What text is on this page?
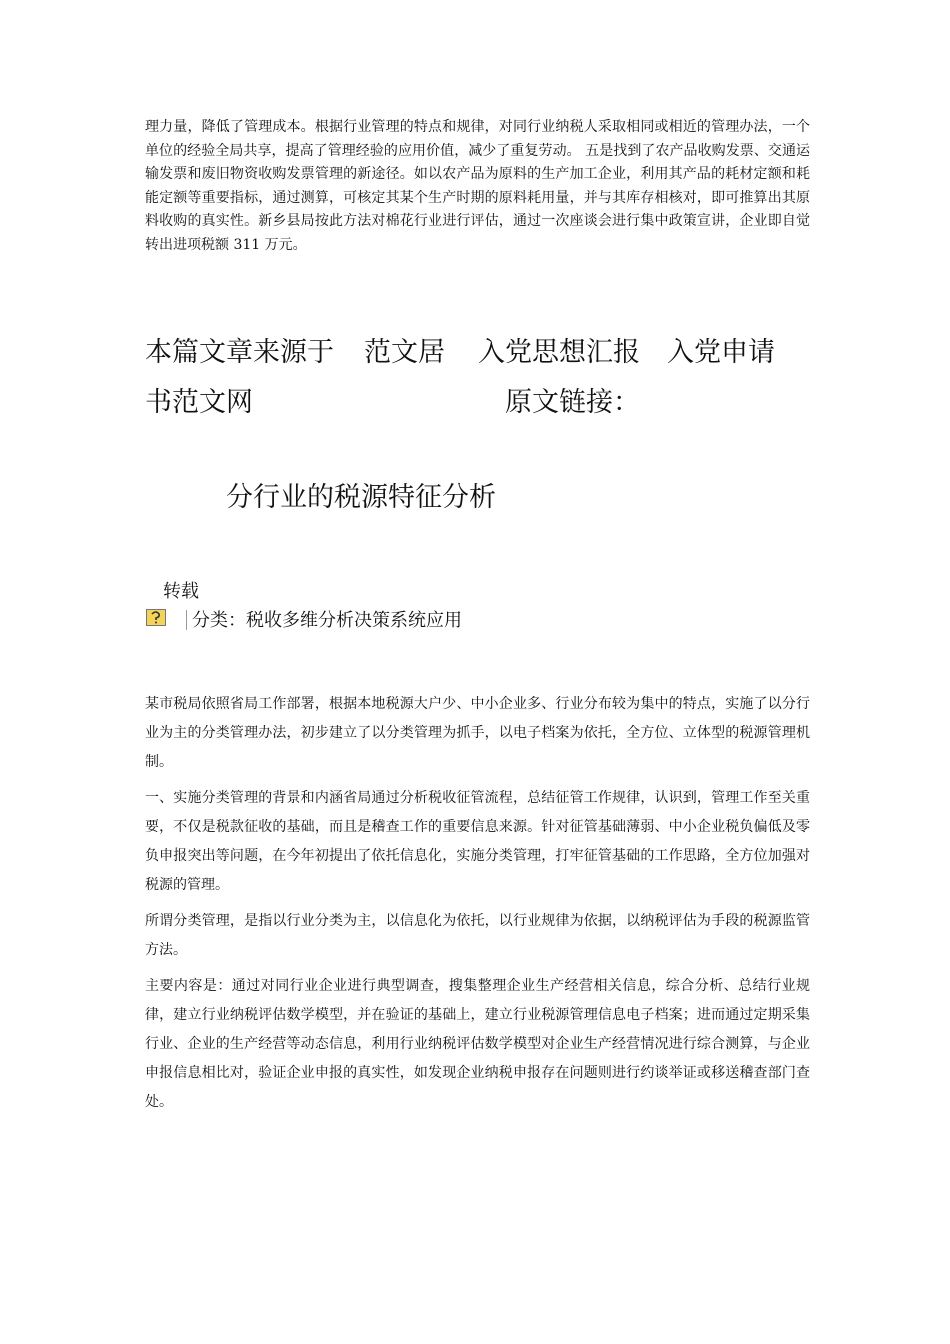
理力量，降低了管理成本。根据行业管理的特点和规律，对同行业纳税人采取相同或相近的管理办法，一个单位的经验全局共享，提高了管理经验的应用价值，减少了重复劳动。 五是找到了农产品收购发票、交通运输发票和废旧物资收购发票管理的新途径。如以农产品为原料的生产加工企业，利用其产品的耗材定额和耗能定额等重要指标，通过测算，可核定其某个生产时期的原料耗用量，并与其库存相核对，即可推算出其原料收购的真实性。新乡县局按此方法对棉花行业进行评估，通过一次座谈会进行集中政策宣讲，企业即自觉转出进项税额 311 万元。

本篇文章来源于 范文居 入党思想汇报 入党申请
书范文网	原文链接：
分行业的税源特征分析
转载
分类：税收多维分析决策系统应用

某市税局依照省局工作部署，根据本地税源大户少、中小企业多、行业分布较为集中的特点，实施了以分行业为主的分类管理办法，初步建立了以分类管理为抓手，以电子档案为依托，全方位、立体型的税源管理机制。

一、实施分类管理的背景和内涵省局通过分析税收征管流程，总结征管工作规律，认识到，管理工作至关重要，不仅是税款征收的基础，而且是稽查工作的重要信息来源。针对征管基础薄弱、中小企业税负偏低及零负申报突出等问题，在今年初提出了依托信息化，实施分类管理，打牢征管基础的工作思路，全方位加强对税源的管理。

所谓分类管理，是指以行业分类为主，以信息化为依托，以行业规律为依据，以纳税评估为手段的税源监管方法。

主要内容是：通过对同行业企业进行典型调查，搜集整理企业生产经营相关信息，综合分析、总结行业规律，建立行业纳税评估数学模型，并在验证的基础上，建立行业税源管理信息电子档案；进而通过定期采集行业、企业的生产经营等动态信息，利用行业纳税评估数学模型对企业生产经营情况进行综合测算，与企业申报信息相比对，验证企业申报的真实性，如发现企业纳税申报存在问题则进行约谈举证或移送稽查部门查处。
